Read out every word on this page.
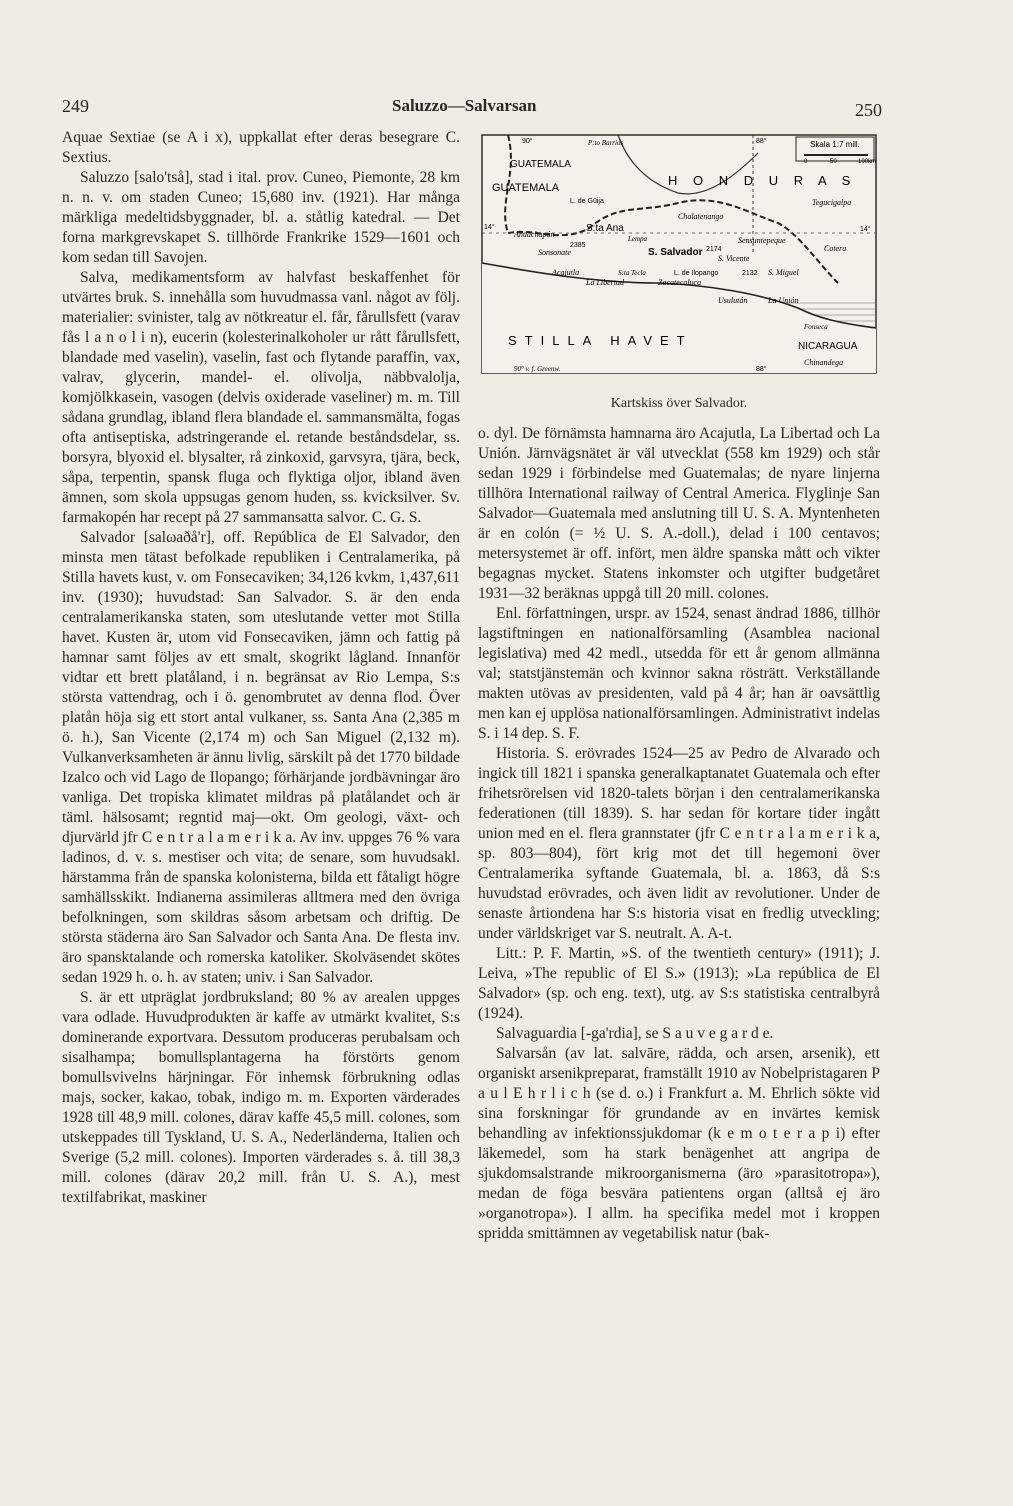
249	Saluzzo—Salvarsan	250

Aquae Sextiae (se A i x), uppkallat efter deras besegrare C. Sextius.

Saluzzo [salo'tså], stad i ital. prov. Cuneo, Piemonte, 28 km n. n. v. om staden Cuneo; 15,680 inv. (1921). Har många märkliga medeltidsbyggnader, bl. a. ståtlig katedral. — Det forna markgrevskapet S. tillhörde Frankrike 1529—1601 och kom sedan till Savojen.

Salva, medikamentsform av halvfast beskaffenhet för utvärtes bruk. S. innehålla som huvudmassa vanl. något av följ. materialier: svinister, talg av nötkreatur el. får, fårullsfett (varav fås l a n o l i n), eucerin (kolesterinalkoholer ur rått fårullsfett, blandade med vaselin), vaselin, fast och flytande paraffin, vax, valrav, glycerin, mandel- el. olivolja, näbbvalolja, komjölkkasein, vasogen (delvis oxiderade vaseliner) m. m. Till sådana grundlag, ibland flera blandade el. sammansmälta, fogas ofta antiseptiska, adstringerande el. retande beståndsdelar, ss. borsyra, blyoxid el. blysalter, rå zinkoxid, garvsyra, tjära, beck, såpa, terpentin, spansk fluga och flyktiga oljor, ibland även ämnen, som skola uppsugas genom huden, ss. kvicksilver. Sv. farmakopén har recept på 27 sammansatta salvor. C. G. S.

Salvador [salωaðå'r], off. República de El Salvador, den minsta men tätast befolkade republiken i Centralamerika, på Stilla havets kust, v. om Fonsecaviken; 34,126 kvkm, 1,437,611 inv. (1930); huvudstad: San Salvador. S. är den enda centralamerikanska staten, som uteslutande vetter mot Stilla havet. Kusten är, utom vid Fonsecaviken, jämn och fattig på hamnar samt följes av ett smalt, skogrikt lågland. Innanför vidtar ett brett platåland, i n. begränsat av Rio Lempa, S:s största vattendrag, och i ö. genombrutet av denna flod. Över platån höja sig ett stort antal vulkaner, ss. Santa Ana (2,385 m ö. h.), San Vicente (2,174 m) och San Miguel (2,132 m). Vulkanverksamheten är ännu livlig, särskilt på det 1770 bildade Izalco och vid Lago de Ilopango; förhärjande jordbävningar äro vanliga. Det tropiska klimatet mildras på platålandet och är täml. hälsosamt; regntid maj—okt. Om geologi, växt- och djurvärld jfr C e n t r a l a m e r i k a. Av inv. uppges 76 % vara ladinos, d. v. s. mestiser och vita; de senare, som huvudsakl. härstamma från de spanska kolonisterna, bilda ett fåtaligt högre samhällsskikt. Indianerna assimileras alltmera med den övriga befolkningen, som skildras såsom arbetsam och driftig. De största städerna äro San Salvador och Santa Ana. De flesta inv. äro spansktalande och romerska katoliker. Skolväsendet skötes sedan 1929 h. o. h. av staten; univ. i San Salvador.

S. är ett utpräglat jordbruksland; 80 % av arealen uppges vara odlade. Huvudprodukten är kaffe av utmärkt kvalitet, S:s dominerande exportvara. Dessutom produceras perubalsam och sisalhampa; bomullsplantagerna ha förstörts genom bomullsvivelns härjningar. För inhemsk förbrukning odlas majs, socker, kakao, tobak, indigo m. m. Exporten värderades 1928 till 48,9 mill. colones, därav kaffe 45,5 mill. colones, som utskeppades till Tyskland, U. S. A., Nederländerna, Italien och Sverige (5,2 mill. colones). Importen värderades s. å. till 38,3 mill. colones (därav 20,2 mill. från U. S. A.), mest textilfabrikat, maskiner

Skala 1:7 mill.
0	50	100km
GUATEMALA
GUATEMALA	H O N D U R A S
STILLA HAVET	NICARAGUA
Chinandega
Tegucigalpa
Cotera
Chalatenango
Sensuntepeque
S. Salvador
S. Vicente
S. Miguel
S:ta Ana
Ahuachapán
Sonsonate
Acajutla
La Libertad	Zacatecoluca
Usulután	La Unión
S:ta Tecla
L. de Güija
L. de Ilopango
Lempa
Fonseca
P:to Barrios
2385
2174
2132
90°	88°
14°	14°
90° v. f. Greenw.	88°
Kartskiss över Salvador.

o. dyl. De förnämsta hamnarna äro Acajutla, La Libertad och La Unión. Järnvägsnätet är väl utvecklat (558 km 1929) och står sedan 1929 i förbindelse med Guatemalas; de nyare linjerna tillhöra International railway of Central America. Flyglinje San Salvador—Guatemala med anslutning till U. S. A. Myntenheten är en colón (= ½ U. S. A.-doll.), delad i 100 centavos; metersystemet är off. infört, men äldre spanska mått och vikter begagnas mycket. Statens inkomster och utgifter budgetåret 1931—32 beräknas uppgå till 20 mill. colones.

Enl. författningen, urspr. av 1524, senast ändrad 1886, tillhör lagstiftningen en nationalförsamling (Asamblea nacional legislativa) med 42 medl., utsedda för ett år genom allmänna val; statstjänstemän och kvinnor sakna rösträtt. Verkställande makten utövas av presidenten, vald på 4 år; han är oavsättlig men kan ej upplösa nationalförsamlingen. Administrativt indelas S. i 14 dep. S. F.

Historia. S. erövrades 1524—25 av Pedro de Alvarado och ingick till 1821 i spanska generalkaptanatet Guatemala och efter frihetsrörelsen vid 1820-talets början i den centralamerikanska federationen (till 1839). S. har sedan för kortare tider ingått union med en el. flera grannstater (jfr C e n t r a l a m e r i k a, sp. 803—804), fört krig mot det till hegemoni över Centralamerika syftande Guatemala, bl. a. 1863, då S:s huvudstad erövrades, och även lidit av revolutioner. Under de senaste årtiondena har S:s historia visat en fredlig utveckling; under världskriget var S. neutralt. A. A-t.

Litt.: P. F. Martin, »S. of the twentieth century» (1911); J. Leiva, »The republic of El S.» (1913); »La república de El Salvador» (sp. och eng. text), utg. av S:s statistiska centralbyrå (1924).

Salvaguardia [-ga'rdia], se S a u v e g a r d e.

Salvarsån (av lat. salvāre, rädda, och arsen, arsenik), ett organiskt arsenikpreparat, framställt 1910 av Nobelpristagaren P a u l E h r l i c h (se d. o.) i Frankfurt a. M. Ehrlich sökte vid sina forskningar för grundande av en invärtes kemisk behandling av infektionssjukdomar (k e m o t e r a p i) efter läkemedel, som ha stark benägenhet att angripa de sjukdomsalstrande mikroorganismerna (äro »parasitotropa»), medan de föga besvära patientens organ (alltså ej äro »organotropa»). I allm. ha specifika medel mot i kroppen spridda smittämnen av vegetabilisk natur (bak-
